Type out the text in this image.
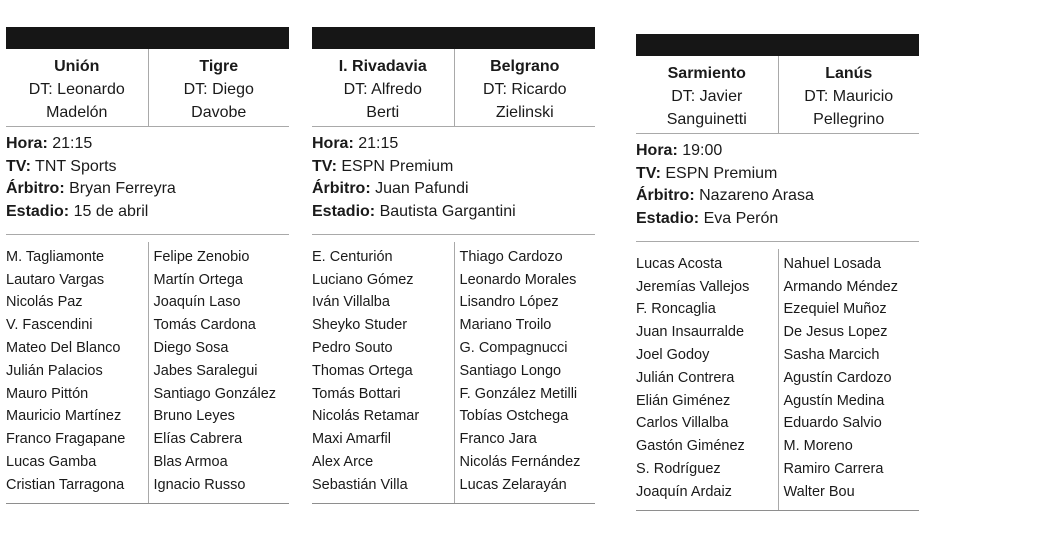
Unión
DT: Leonardo
Madelón
Tigre
DT: Diego
Davobe
Hora: 21:15
TV: TNT Sports
Árbitro: Bryan Ferreyra
Estadio: 15 de abril
M. Tagliamonte
Lautaro Vargas
Nicolás Paz
V. Fascendini
Mateo Del Blanco
Julián Palacios
Mauro Pittón
Mauricio Martínez
Franco Fragapane
Lucas Gamba
Cristian Tarragona
Felipe Zenobio
Martín Ortega
Joaquín Laso
Tomás Cardona
Diego Sosa
Jabes Saralegui
Santiago González
Bruno Leyes
Elías Cabrera
Blas Armoa
Ignacio Russo
I. Rivadavia
DT: Alfredo
Berti
Belgrano
DT: Ricardo
Zielinski
Hora: 21:15
TV: ESPN Premium
Árbitro: Juan Pafundi
Estadio: Bautista Gargantini
E. Centurión
Luciano Gómez
Iván Villalba
Sheyko Studer
Pedro Souto
Thomas Ortega
Tomás Bottari
Nicolás Retamar
Maxi Amarfil
Alex Arce
Sebastián Villa
Thiago Cardozo
Leonardo Morales
Lisandro López
Mariano Troilo
G. Compagnucci
Santiago Longo
F. González Metilli
Tobías Ostchega
Franco Jara
Nicolás Fernández
Lucas Zelarayán
Sarmiento
DT: Javier
Sanguinetti
Lanús
DT: Mauricio
Pellegrino
Hora: 19:00
TV: ESPN Premium
Árbitro: Nazareno Arasa
Estadio: Eva Perón
Lucas Acosta
Jeremías Vallejos
F. Roncaglia
Juan Insaurralde
Joel Godoy
Julián Contrera
Elián Giménez
Carlos Villalba
Gastón Giménez
S. Rodríguez
Joaquín Ardaiz
Nahuel Losada
Armando Méndez
Ezequiel Muñoz
De Jesus Lopez
Sasha Marcich
Agustín Cardozo
Agustín Medina
Eduardo Salvio
M. Moreno
Ramiro Carrera
Walter Bou
